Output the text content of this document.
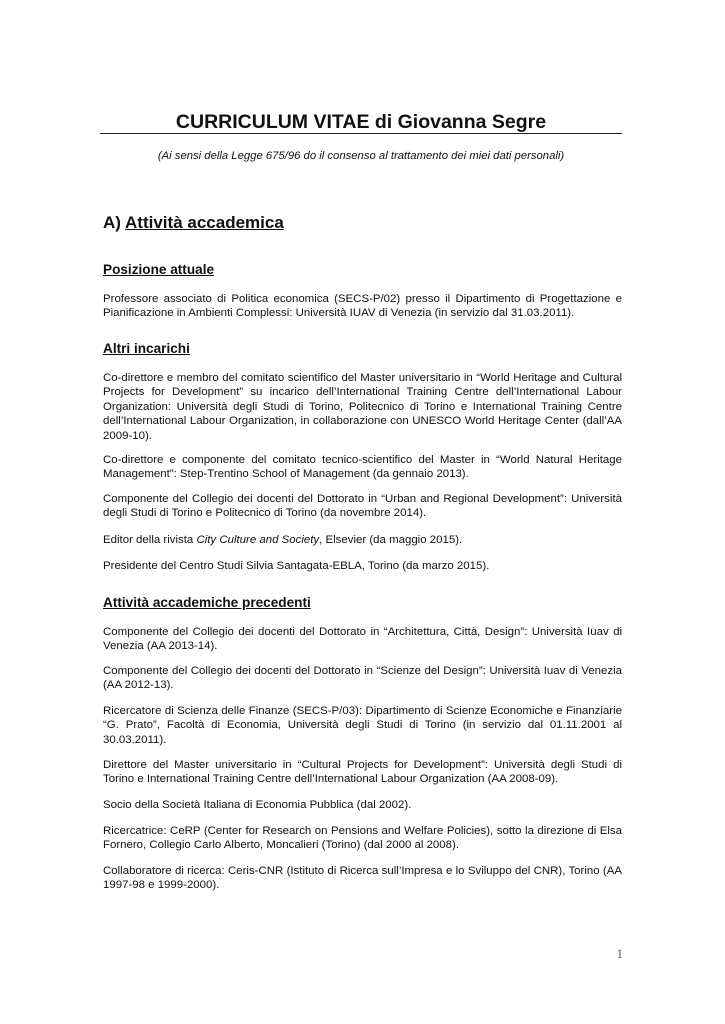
CURRICULUM VITAE di Giovanna Segre
(Ai sensi della Legge 675/96 do il consenso al trattamento dei miei dati personali)
A) Attività accademica
Posizione attuale

Professore associato di Politica economica (SECS-P/02) presso il Dipartimento di Progettazione e Pianificazione in Ambienti Complessi: Università IUAV di Venezia (in servizio dal 31.03.2011).

Altri incarichi

Co-direttore e membro del comitato scientifico del Master universitario in “World Heritage and Cultural Projects for Development” su incarico dell’International Training Centre dell’International Labour Organization: Università degli Studi di Torino, Politecnico di Torino e International Training Centre dell’International Labour Organization, in collaborazione con UNESCO World Heritage Center (dall’AA 2009-10).

Co-direttore e componente del comitato tecnico-scientifico del Master in “World Natural Heritage Management”: Step-Trentino School of Management (da gennaio 2013).

Componente del Collegio dei docenti del Dottorato in “Urban and Regional Development”: Università degli Studi di Torino e Politecnico di Torino (da novembre 2014).

Editor della rivista City Culture and Society, Elsevier (da maggio 2015).

Presidente del Centro Studi Silvia Santagata-EBLA, Torino (da marzo 2015).

Attività accademiche precedenti

Componente del Collegio dei docenti del Dottorato in “Architettura, Città, Design”: Università Iuav di Venezia (AA 2013-14).

Componente del Collegio dei docenti del Dottorato in “Scienze del Design”: Università Iuav di Venezia (AA 2012-13).

Ricercatore di Scienza delle Finanze (SECS-P/03): Dipartimento di Scienze Economiche e Finanziarie “G. Prato”, Facoltà di Economia, Università degli Studi di Torino (in servizio dal 01.11.2001 al 30.03.2011).

Direttore del Master universitario in “Cultural Projects for Development”: Università degli Studi di Torino e International Training Centre dell’International Labour Organization (AA 2008-09).

Socio della Società Italiana di Economia Pubblica (dal 2002).

Ricercatrice: CeRP (Center for Research on Pensions and Welfare Policies), sotto la direzione di Elsa Fornero, Collegio Carlo Alberto, Moncalieri (Torino) (dal 2000 al 2008).

Collaboratore di ricerca: Ceris-CNR (Istituto di Ricerca sull’Impresa e lo Sviluppo del CNR), Torino (AA 1997-98 e 1999-2000).

1
